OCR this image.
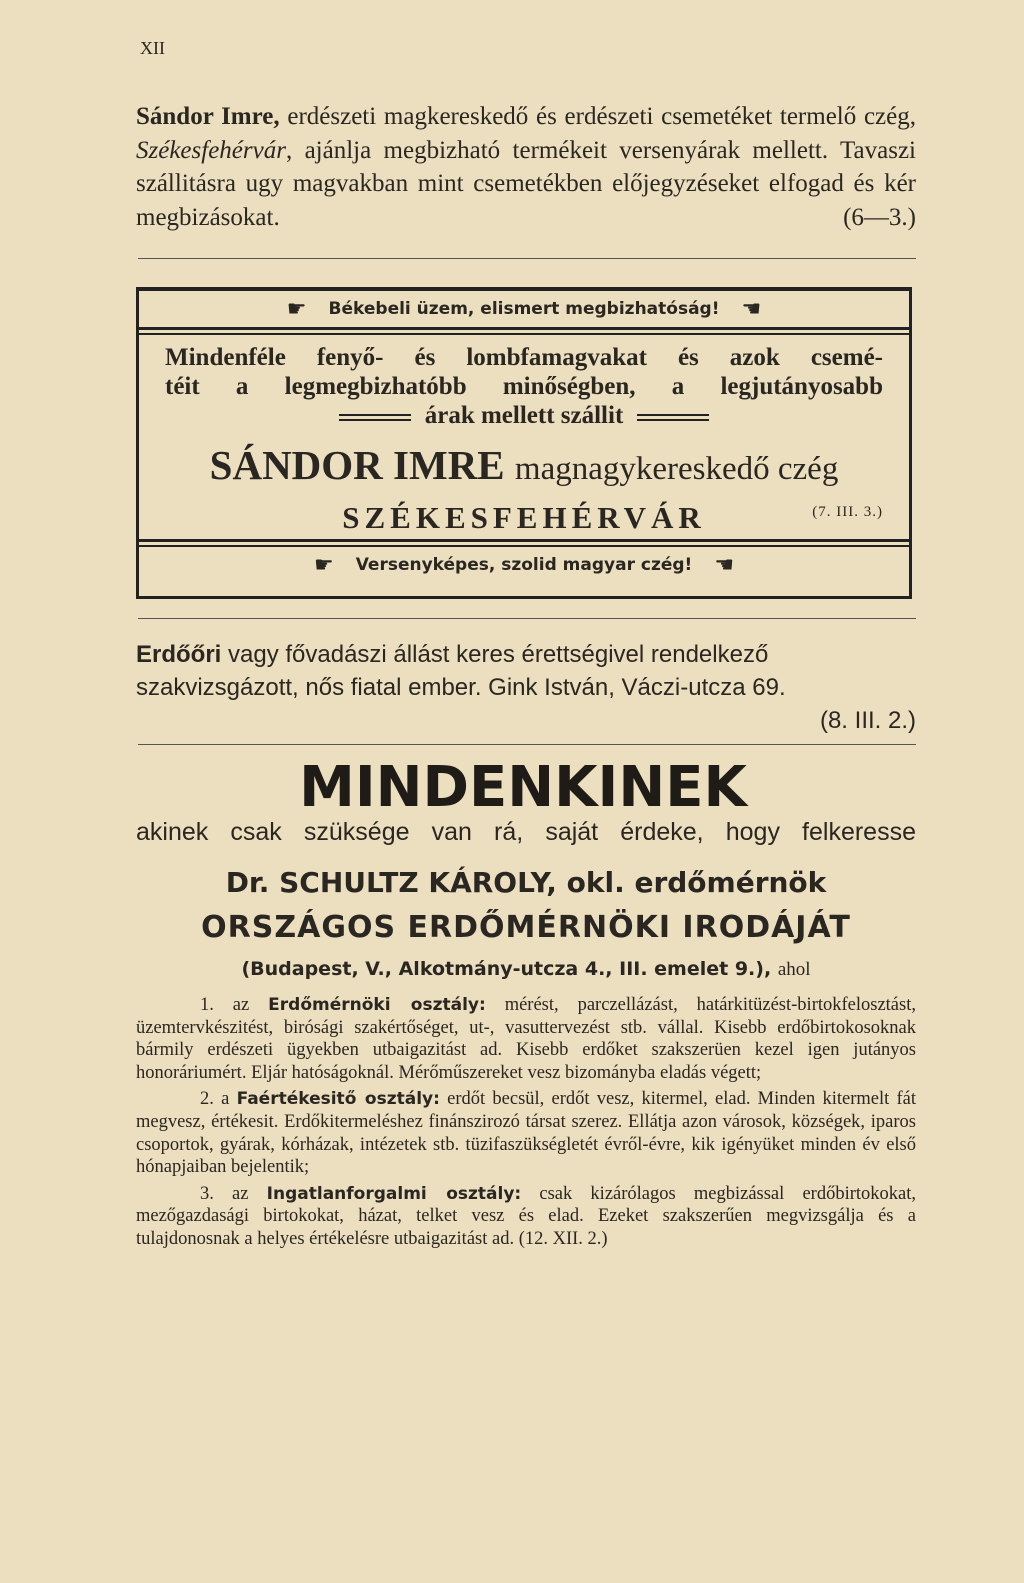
XII
Sándor Imre, erdészeti magkereskedő és erdészeti csemetéket termelő czég, Székesfehérvár, ajánlja megbizható termékeit versenyárak mellett. Tavaszi szállitásra ugy magvakban mint csemetékben előjegyzéseket elfogad és kér megbizásokat.	(6—3.)
☛ Békebeli üzem, elismert megbizhatóság! ☚
Mindenféle fenyő- és lombfamagvakat és azok csemé-
téit a legmegbizhatóbb minőségben, a legjutányosabb
árak mellett szállit
SÁNDOR IMRE magnagykereskedő czég
SZÉKESFEHÉRVÁR	(7. III. 3.)
☛ Versenyképes, szolid magyar czég! ☚
Erdőőri vagy fővadászi állást keres érettségivel rendelkező szakvizsgázott, nős fiatal ember. Gink István, Váczi-utcza 69.
(8. III. 2.)
MINDENKINEK
akinek csak szüksége van rá, saját érdeke, hogy felkeresse
Dr. SCHULTZ KÁROLY, okl. erdőmérnök
ORSZÁGOS ERDŐMÉRNÖKI IRODÁJÁT
(Budapest, V., Alkotmány-utcza 4., III. emelet 9.), ahol

1. az Erdőmérnöki osztály: mérést, parczellázást, határkitüzést-birtokfelosztást, üzemtervkészitést, birósági szakértőséget, ut-, vasuttervezést stb. vállal. Kisebb erdőbirtokosoknak bármily erdészeti ügyekben utbaigazitást ad. Kisebb erdőket szakszerüen kezel igen jutányos honoráriumért. Eljár hatóságoknál. Mérőműszereket vesz bizományba eladás végett;

2. a Faértékesitő osztály: erdőt becsül, erdőt vesz, kitermel, elad. Minden kitermelt fát megvesz, értékesit. Erdőkitermeléshez finánszirozó társat szerez. Ellátja azon városok, községek, iparos csoportok, gyárak, kórházak, intézetek stb. tüzifaszükségletét évről-évre, kik igényüket minden év első hónapjaiban bejelentik;

3. az Ingatlanforgalmi osztály: csak kizárólagos megbizással erdőbirtokokat, mezőgazdasági birtokokat, házat, telket vesz és elad. Ezeket szakszerűen megvizsgálja és a tulajdonosnak a helyes értékelésre utbaigazitást ad. (12. XII. 2.)
